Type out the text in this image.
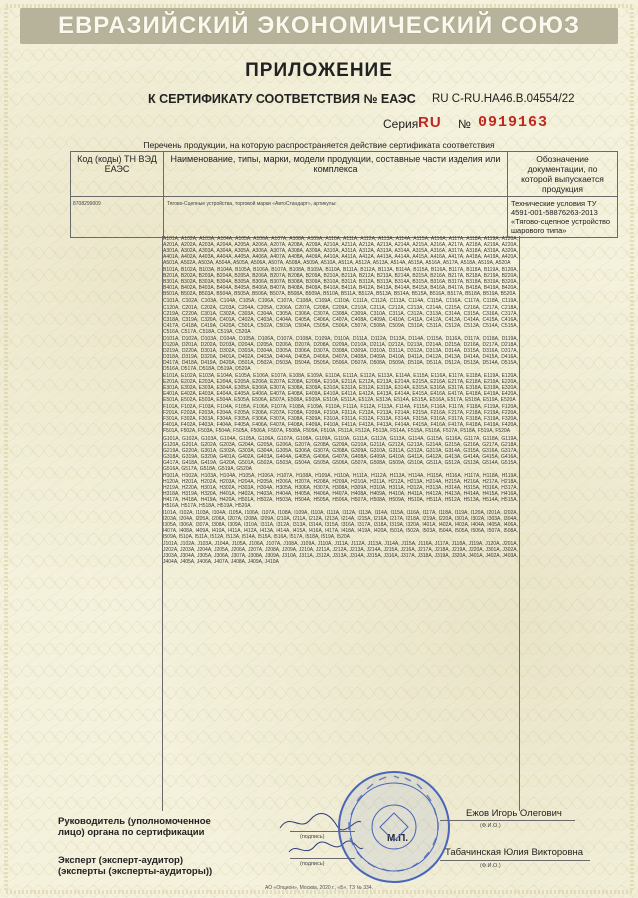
ЕВРАЗИЙСКИЙ ЭКОНОМИЧЕСКИЙ СОЮЗ
ПРИЛОЖЕНИЕ
К СЕРТИФИКАТУ СООТВЕТСТВИЯ № ЕАЭС RU С-RU.НА46.В.04554/22
Серия RU № 0919163
Перечень продукции, на которую распространяется действие сертификата соответствия
Код (коды) ТН ВЭД ЕАЭС	Наименование, типы, марки, модели продукции, составные части изделия или комплекса	Обозначение документации, по которой выпускается продукция

8708299009	Тягово-Сцепные устройства, торговой марки «АвтоСтандарт», артикулы:	Технические условия ТУ 4591-001-58876263-2013 «Тягово-сцепное устройство шарового типа»
A101A, A102A, A103A, A104A, A105A, A106A, A107A, A108A, A109A, A110A, A111A, A112A, A113A, A114A, A115A, A116A, A117A, A118A, A119A, A120A, A201A, A202A, A203A, A204A, A205A, A206A, A207A, A208A, A209A, A210A, A211A, A212A, A213A, A214A, A215A, A216A, A217A, A218A, A219A, A220A, A301A, A302A, A303A, A304A, A305A, A306A, A307A, A308A, A309A, A310A, A311A, A312A, A313A, A314A, A315A, A316A, A317A, A318A, A319A, A320A, A401A, A402A, A403A, A404A, A405A, A406A, A407A, A408A, A409A, A410A, A411A, A412A, A413A, A414A, A415A, A416A, A417A, A418A, A419A, A420A, A501A, A502A, A503A, A504A, A505A, A506A, A507A, A508A, A509A, A510A, A511A, A512A, A513A, A514A, A515A, A516A, A517A, A518A, A519A, A520A
B101A, B102A, B103A, B104A, B105A, B106A, B107A, B108A, B109A, B110A, B111A, B112A, B113A, B114A, B115A, B116A, B117A, B118A, B119A, B120A, B201A, B202A, B203A, B204A, B205A, B206A, B207A, B208A, B209A, B210A, B211A, B212A, B213A, B214A, B215A, B216A, B217A, B218A, B219A, B220A, B301A, B302A, B303A, B304A, B305A, B306A, B307A, B308A, B309A, B310A, B311A, B312A, B313A, B314A, B315A, B316A, B317A, B318A, B319A, B320A, B401A, B402A, B403A, B404A, B405A, B406A, B407A, B408A, B409A, B410A, B411A, B412A, B413A, B414A, B415A, B416A, B417A, B418A, B419A, B420A, B501A, B502A, B503A, B504A, B505A, B506A, B507A, B508A, B509A, B510A, B511A, B512A, B513A, B514A, B515A, B516A, B517A, B518A, B519A, B520A
C101A, C102A, C103A, C104A, C105A, C106A, C107A, C108A, C109A, C110A, C111A, C112A, C113A, C114A, C115A, C116A, C117A, C118A, C119A, C120A, C201A, C202A, C203A, C204A, C205A, C206A, C207A, C208A, C209A, C210A, C211A, C212A, C213A, C214A, C215A, C216A, C217A, C218A, C219A, C220A, C301A, C302A, C303A, C304A, C305A, C306A, C307A, C308A, C309A, C310A, C311A, C312A, C313A, C314A, C315A, C316A, C317A, C318A, C319A, C320A, C401A, C402A, C403A, C404A, C405A, C406A, C407A, C408A, C409A, C410A, C411A, C412A, C413A, C414A, C415A, C416A, C417A, C418A, C419A, C420A, C501A, C502A, C503A, C504A, C505A, C506A, C507A, C508A, C509A, C510A, C511A, C512A, C513A, C514A, C515A, C516A, C517A, C518A, C519A, C520A
D101A, D102A, D103A, D104A, D105A, D106A, D107A, D108A, D109A, D110A, D111A, D112A, D113A, D114A, D115A, D116A, D117A, D118A, D119A, D120A, D201A, D202A, D203A, D204A, D205A, D206A, D207A, D208A, D209A, D210A, D211A, D212A, D213A, D214A, D215A, D216A, D217A, D218A, D219A, D220A, D301A, D302A, D303A, D304A, D305A, D306A, D307A, D308A, D309A, D310A, D311A, D312A, D313A, D314A, D315A, D316A, D317A, D318A, D319A, D320A, D401A, D402A, D403A, D404A, D405A, D406A, D407A, D408A, D409A, D410A, D411A, D412A, D413A, D414A, D415A, D416A, D417A, D418A, D419A, D420A, D501A, D502A, D503A, D504A, D505A, D506A, D507A, D508A, D509A, D510A, D511A, D512A, D513A, D514A, D515A, D516A, D517A, D518A, D519A, D520A
E101A, E102A, E103A, E104A, E105A, E106A, E107A, E108A, E109A, E110A, E111A, E112A, E113A, E114A, E115A, E116A, E117A, E118A, E119A, E120A, E201A, E202A, E203A, E204A, E205A, E206A, E207A, E208A, E209A, E210A, E211A, E212A, E213A, E214A, E215A, E216A, E217A, E218A, E219A, E220A, E301A, E302A, E303A, E304A, E305A, E306A, E307A, E308A, E309A, E310A, E311A, E312A, E313A, E314A, E315A, E316A, E317A, E318A, E319A, E320A, E401A, E402A, E403A, E404A, E405A, E406A, E407A, E408A, E409A, E410A, E411A, E412A, E413A, E414A, E415A, E416A, E417A, E418A, E419A, E420A, E501A, E502A, E503A, E504A, E505A, E506A, E507A, E508A, E509A, E510A, E511A, E512A, E513A, E514A, E515A, E516A, E517A, E518A, E519A, E520A
F101A, F102A, F103A, F104A, F105A, F106A, F107A, F108A, F109A, F110A, F111A, F112A, F113A, F114A, F115A, F116A, F117A, F118A, F119A, F120A, F201A, F202A, F203A, F204A, F205A, F206A, F207A, F208A, F209A, F210A, F211A, F212A, F213A, F214A, F215A, F216A, F217A, F218A, F219A, F220A, F301A, F302A, F303A, F304A, F305A, F306A, F307A, F308A, F309A, F310A, F311A, F312A, F313A, F314A, F315A, F316A, F317A, F318A, F319A, F320A, F401A, F402A, F403A, F404A, F405A, F406A, F407A, F408A, F409A, F410A, F411A, F412A, F413A, F414A, F415A, F416A, F417A, F418A, F419A, F420A, F501A, F502A, F503A, F504A, F505A, F506A, F507A, F508A, F509A, F510A, F511A, F512A, F513A, F514A, F515A, F516A, F517A, F518A, F519A, F520A
G101A, G102A, G103A, G104A, G105A, G106A, G107A, G108A, G109A, G110A, G111A, G112A, G113A, G114A, G115A, G116A, G117A, G118A, G119A, G120A, G201A, G202A, G203A, G204A, G205A, G206A, G207A, G208A, G209A, G210A, G211A, G212A, G213A, G214A, G215A, G216A, G217A, G218A, G219A, G220A, G301A, G302A, G303A, G304A, G305A, G306A, G307A, G308A, G309A, G310A, G311A, G312A, G313A, G314A, G315A, G316A, G317A, G318A, G319A, G320A, G401A, G402A, G403A, G404A, G405A, G406A, G407A, G408A, G409A, G410A, G411A, G412A, G413A, G414A, G415A, G416A, G417A, G418A, G419A, G420A, G501A, G502A, G503A, G504A, G505A, G506A, G507A, G508A, G509A, G510A, G511A, G512A, G513A, G514A, G515A, G516A, G517A, G518A, G519A, G520A
H101A, H102A, H103A, H104A, H105A, H106A, H107A, H108A, H109A, H110A, H111A, H112A, H113A, H114A, H115A, H116A, H117A, H118A, H119A, H120A, H201A, H202A, H203A, H204A, H205A, H206A, H207A, H208A, H209A, H210A, H211A, H212A, H213A, H214A, H215A, H216A, H217A, H218A, H219A, H220A, H301A, H302A, H303A, H304A, H305A, H306A, H307A, H308A, H309A, H310A, H311A, H312A, H313A, H314A, H315A, H316A, H317A, H318A, H319A, H320A, H401A, H402A, H403A, H404A, H405A, H406A, H407A, H408A, H409A, H410A, H411A, H412A, H413A, H414A, H415A, H416A, H417A, H418A, H419A, H420A, H501A, H502A, H503A, H504A, H505A, H506A, H507A, H508A, H509A, H510A, H511A, H512A, H513A, H514A, H515A, H516A, H517A, H518A, H519A, H520A
I101A, I102A, I103A, I104A, I105A, I106A, I107A, I108A, I109A, I110A, I111A, I112A, I113A, I114A, I115A, I116A, I117A, I118A, I119A, I120A, I201A, I202A, I203A, I204A, I205A, I206A, I207A, I208A, I209A, I210A, I211A, I212A, I213A, I214A, I215A, I216A, I217A, I218A, I219A, I220A, I301A, I302A, I303A, I304A, I305A, I306A, I307A, I308A, I309A, I310A, I311A, I312A, I313A, I314A, I315A, I316A, I317A, I318A, I319A, I320A, I401A, I402A, I403A, I404A, I405A, I406A, I407A, I408A, I409A, I410A, I411A, I412A, I413A, I414A, I415A, I416A, I417A, I418A, I419A, I420A, I501A, I502A, I503A, I504A, I505A, I506A, I507A, I508A, I509A, I510A, I511A, I512A, I513A, I514A, I515A, I516A, I517A, I518A, I519A, I520A
J101A, J102A, J103A, J104A, J105A, J106A, J107A, J108A, J109A, J110A, J111A, J112A, J113A, J114A, J115A, J116A, J117A, J118A, J119A, J120A, J201A, J202A, J203A, J204A, J205A, J206A, J207A, J208A, J209A, J210A, J211A, J212A, J213A, J214A, J215A, J216A, J217A, J218A, J219A, J220A, J301A, J302A, J303A, J304A, J305A, J306A, J307A, J308A, J309A, J310A, J311A, J312A, J313A, J314A, J315A, J316A, J317A, J318A, J319A, J320A, J401A, J402A, J403A, J404A, J405A, J406A, J407A, J408A, J409A, J410A
Руководитель (уполномоченное
лицо) органа по сертификации	(подпись)
Ежов Игорь Олегович
(Ф.И.О.)
Эксперт (эксперт-аудитор)
(эксперты (эксперты-аудиторы))
(подпись)
Табачинская Юлия Викторовна
(Ф.И.О.)
АО «Опцион», Москва, 2020 г., «Б», ТЗ № 334.
